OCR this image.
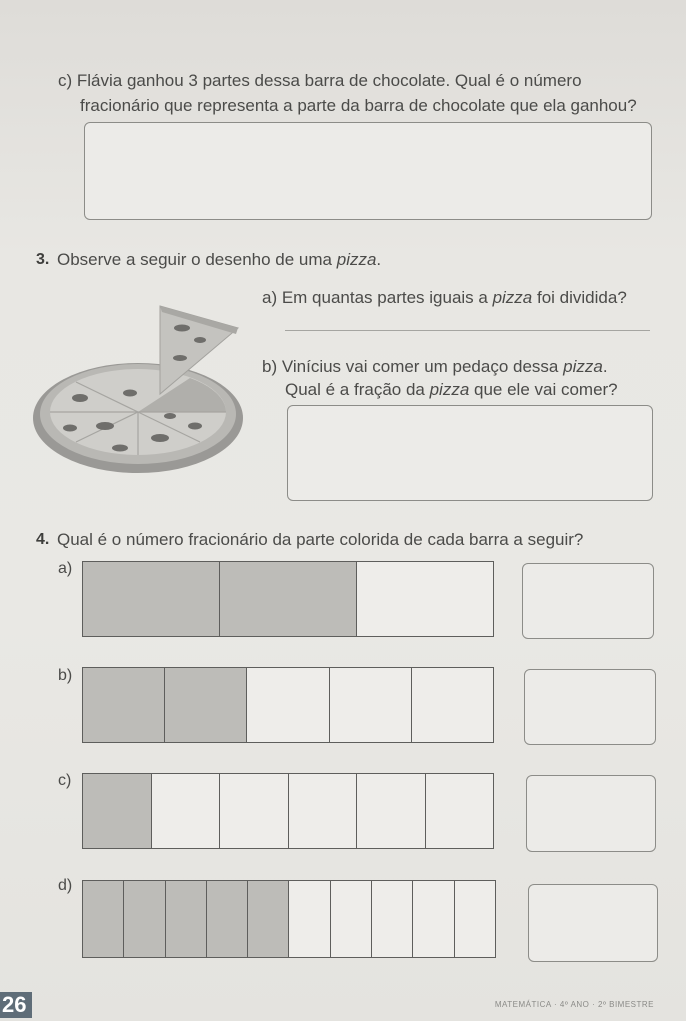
c) Flávia ganhou 3 partes dessa barra de chocolate. Qual é o número
fracionário que representa a parte da barra de chocolate que ela ganhou?
3. Observe a seguir o desenho de uma pizza.
a) Em quantas partes iguais a pizza foi dividida?
b) Vinícius vai comer um pedaço dessa pizza.
Qual é a fração da pizza que ele vai comer?
4. Qual é o número fracionário da parte colorida de cada barra a seguir?
a)
b)
c)
d)
26	MATEMÁTICA · 4º ANO · 2º BIMESTRE
